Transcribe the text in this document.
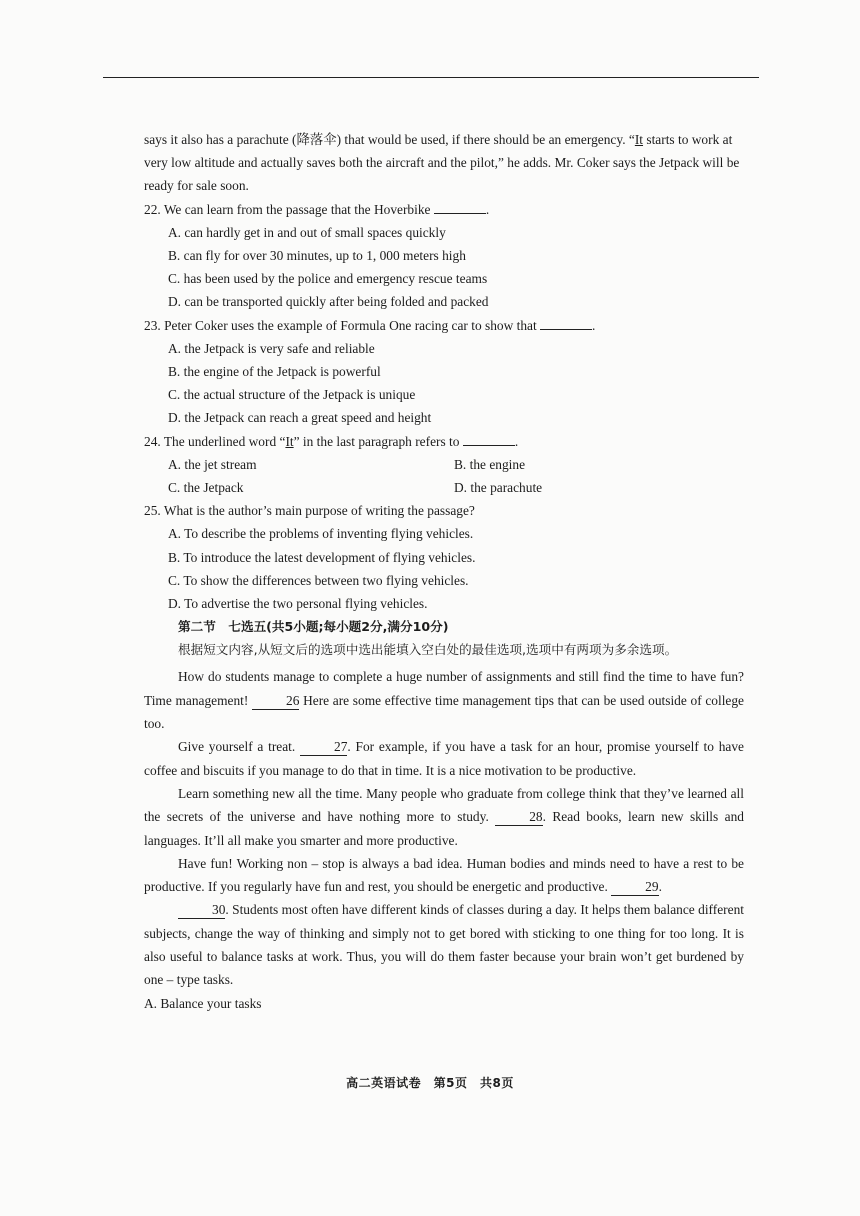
says it also has a parachute (降落伞) that would be used, if there should be an emergency. “It starts to work at very low altitude and actually saves both the aircraft and the pilot,” he adds. Mr. Coker says the Jetpack will be ready for sale soon.

22. We can learn from the passage that the Hoverbike	.

A. can hardly get in and out of small spaces quickly

B. can fly for over 30 minutes, up to 1, 000 meters high

C. has been used by the police and emergency rescue teams

D. can be transported quickly after being folded and packed

23. Peter Coker uses the example of Formula One racing car to show that	.

A. the Jetpack is very safe and reliable

B. the engine of the Jetpack is powerful

C. the actual structure of the Jetpack is unique

D. the Jetpack can reach a great speed and height

24. The underlined word “It” in the last paragraph refers to	.

A. the jet stream	B. the engine
C. the Jetpack	D. the parachute

25. What is the author’s main purpose of writing the passage?

A. To describe the problems of inventing flying vehicles.

B. To introduce the latest development of flying vehicles.

C. To show the differences between two flying vehicles.

D. To advertise the two personal flying vehicles.

第二节　七选五(共5小题;每小题2分,满分10分)

根据短文内容,从短文后的选项中选出能填入空白处的最佳选项,选项中有两项为多余选项。

How do students manage to complete a huge number of assignments and still find the time to have fun? Time management!	26 Here are some effective time management tips that can be used outside of college too.

Give yourself a treat.	27. For example, if you have a task for an hour, promise yourself to have coffee and biscuits if you manage to do that in time. It is a nice motivation to be productive.

Learn something new all the time. Many people who graduate from college think that they’ve learned all the secrets of the universe and have nothing more to study.	28. Read books, learn new skills and languages. It’ll all make you smarter and more productive.

Have fun! Working non – stop is always a bad idea. Human bodies and minds need to have a rest to be productive. If you regularly have fun and rest, you should be energetic and productive.	29.

30. Students most often have different kinds of classes during a day. It helps them balance different subjects, change the way of thinking and simply not to get bored with sticking to one thing for too long. It is also useful to balance tasks at work. Thus, you will do them faster because your brain won’t get burdened by one – type tasks.

A. Balance your tasks

高二英语试卷　第5页　共8页
